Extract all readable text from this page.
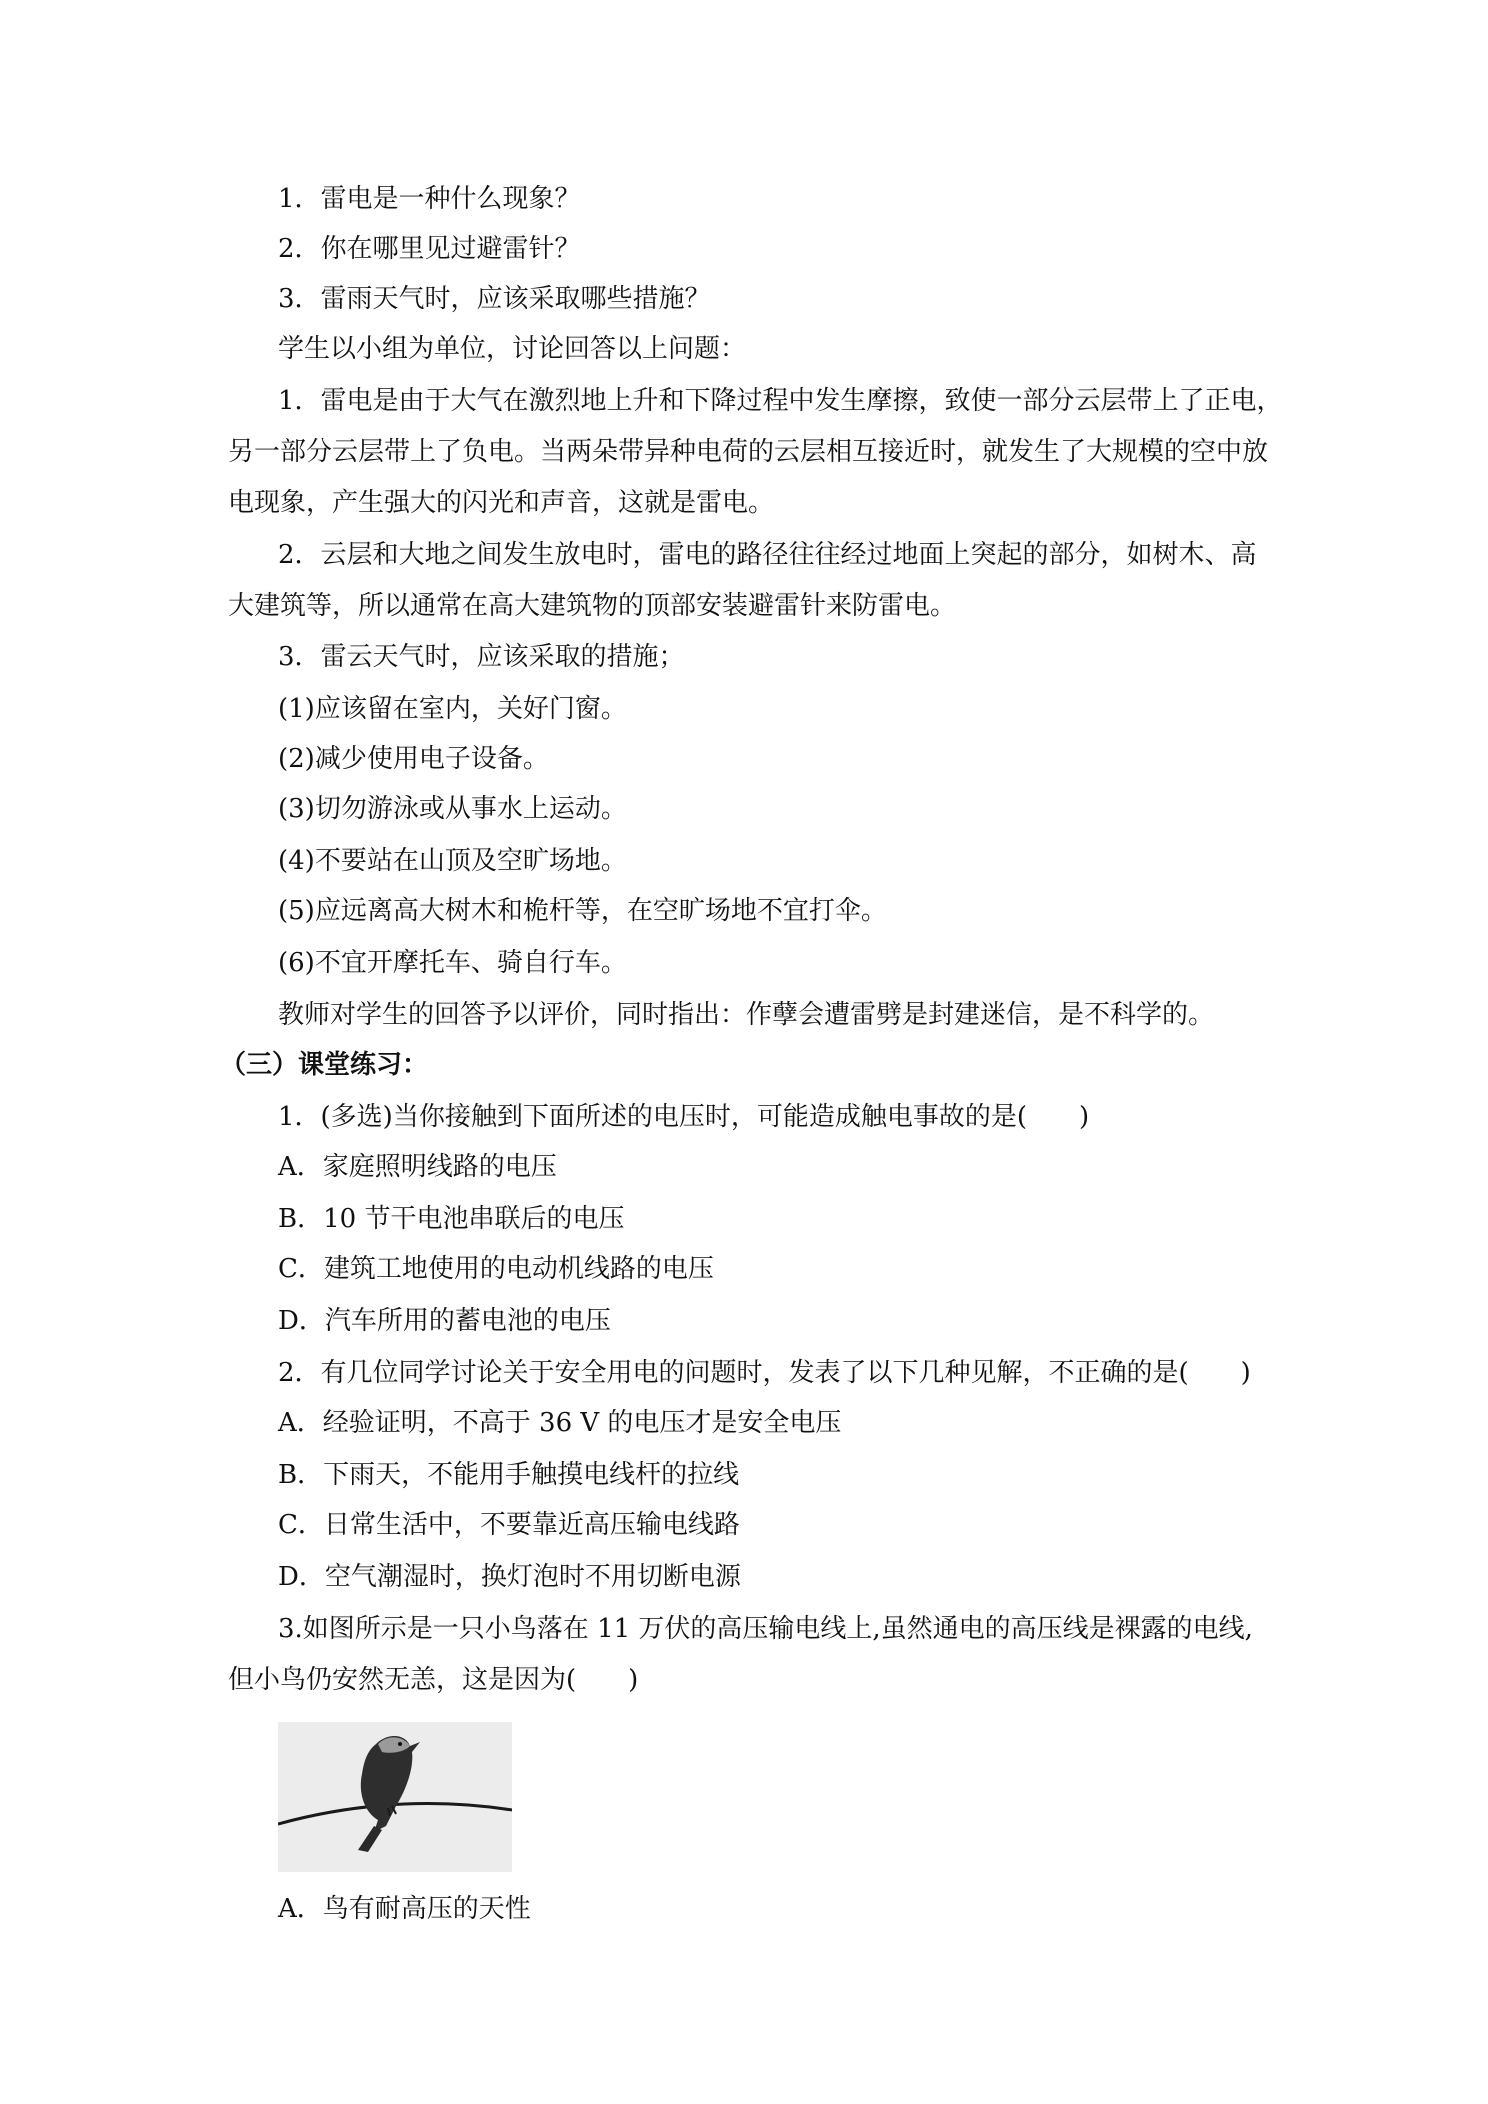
1．雷电是一种什么现象？
2．你在哪里见过避雷针？
3．雷雨天气时，应该采取哪些措施？
学生以小组为单位，讨论回答以上问题：
1．雷电是由于大气在激烈地上升和下降过程中发生摩擦，致使一部分云层带上了正电，
另一部分云层带上了负电。当两朵带异种电荷的云层相互接近时，就发生了大规模的空中放
电现象，产生强大的闪光和声音，这就是雷电。
2．云层和大地之间发生放电时，雷电的路径往往经过地面上突起的部分，如树木、高
大建筑等，所以通常在高大建筑物的顶部安装避雷针来防雷电。
3．雷云天气时，应该采取的措施；
(1)应该留在室内，关好门窗。
(2)减少使用电子设备。
(3)切勿游泳或从事水上运动。
(4)不要站在山顶及空旷场地。
(5)应远离高大树木和桅杆等，在空旷场地不宜打伞。
(6)不宜开摩托车、骑自行车。
教师对学生的回答予以评价，同时指出：作孽会遭雷劈是封建迷信，是不科学的。
（三）课堂练习：
1．(多选)当你接触到下面所述的电压时，可能造成触电事故的是(　　)
A．家庭照明线路的电压
B．10 节干电池串联后的电压
C．建筑工地使用的电动机线路的电压
D．汽车所用的蓄电池的电压
2．有几位同学讨论关于安全用电的问题时，发表了以下几种见解，不正确的是(　　)
A．经验证明，不高于 36 V 的电压才是安全电压
B．下雨天，不能用手触摸电线杆的拉线
C．日常生活中，不要靠近高压输电线路
D．空气潮湿时，换灯泡时不用切断电源
3.如图所示是一只小鸟落在 11 万伏的高压输电线上,虽然通电的高压线是裸露的电线,
但小鸟仍安然无恙，这是因为(　　)
A．鸟有耐高压的天性
